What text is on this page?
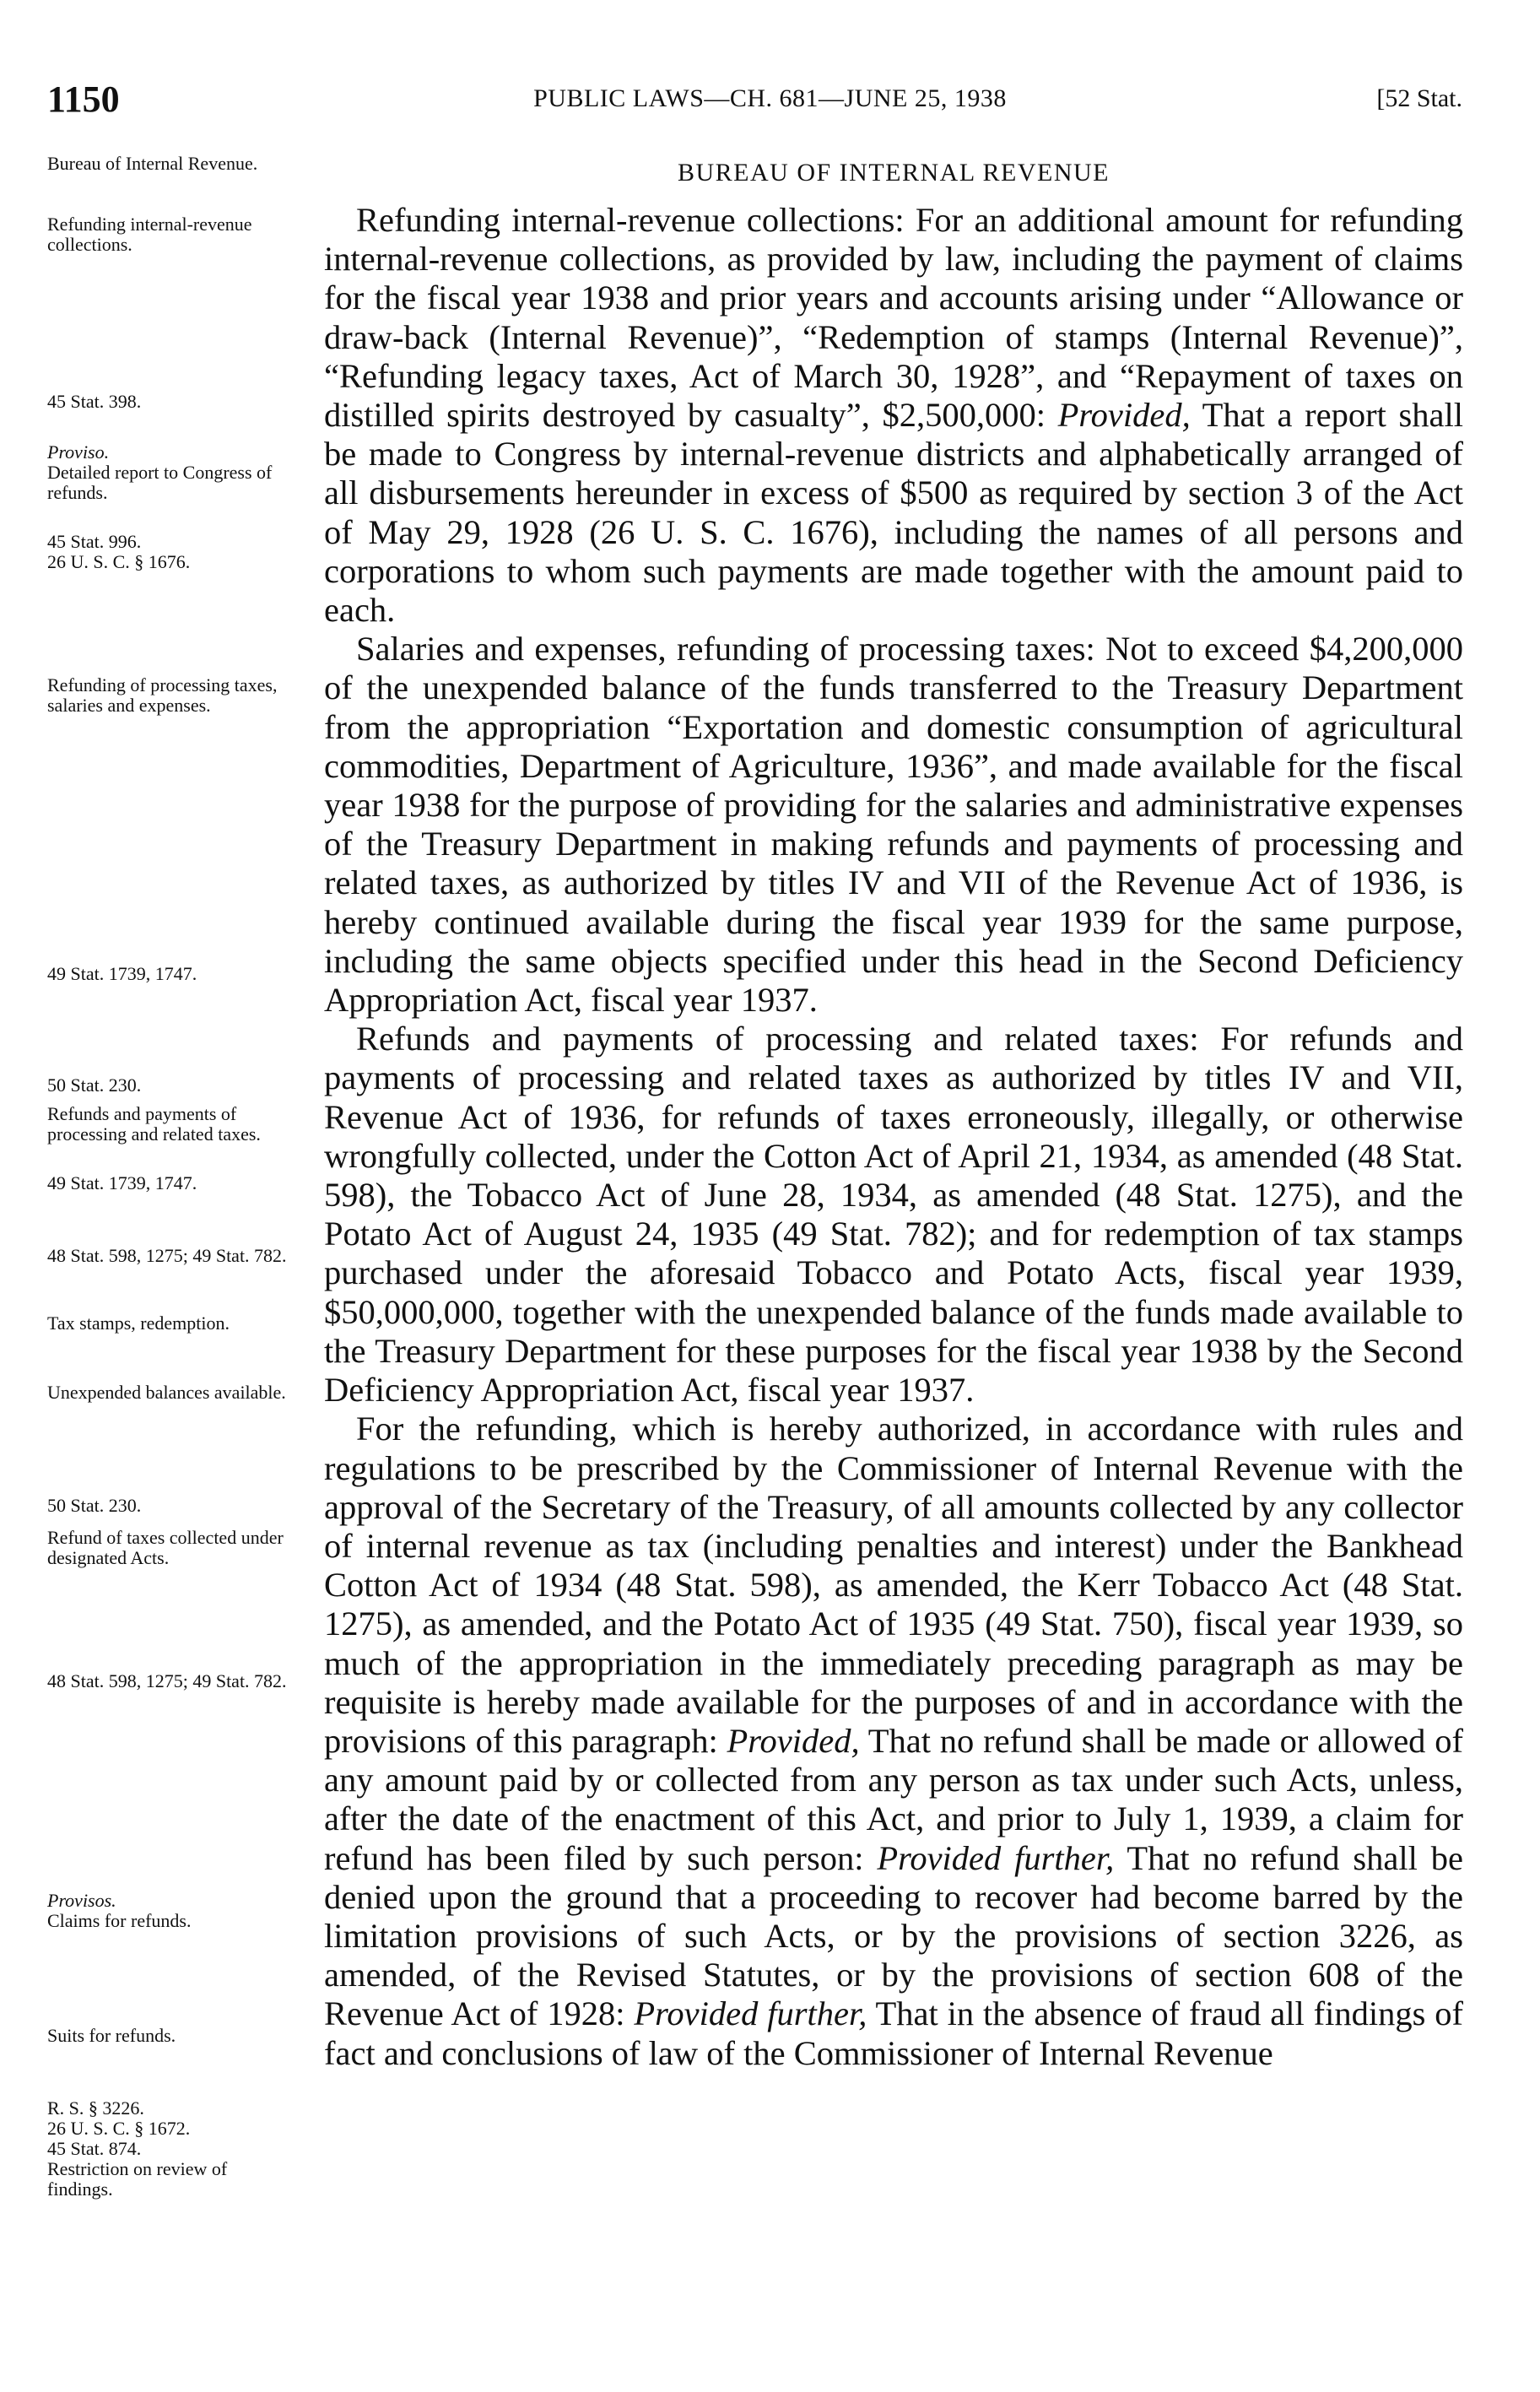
1150	PUBLIC LAWS—CH. 681—JUNE 25, 1938	[52 Stat.
Bureau of Internal Revenue.
Refunding internal-revenue collections.
45 Stat. 398.
Proviso.
Detailed report to Congress of refunds.
45 Stat. 996.
26 U. S. C. § 1676.
Refunding of processing taxes, salaries and expenses.
49 Stat. 1739, 1747.
50 Stat. 230.
Refunds and payments of processing and related taxes.
49 Stat. 1739, 1747.
48 Stat. 598, 1275; 49 Stat. 782.
Tax stamps, redemption.
Unexpended balances available.
50 Stat. 230.
Refund of taxes collected under designated Acts.
48 Stat. 598, 1275; 49 Stat. 782.
Provisos.
Claims for refunds.
Suits for refunds.
R. S. § 3226.
26 U. S. C. § 1672.
45 Stat. 874.
Restriction on review of findings.
BUREAU OF INTERNAL REVENUE

Refunding internal-revenue collections: For an additional amount for refunding internal-revenue collections, as provided by law, including the payment of claims for the fiscal year 1938 and prior years and accounts arising under “Allowance or draw-back (Internal Revenue)”, “Redemption of stamps (Internal Revenue)”, “Refunding legacy taxes, Act of March 30, 1928”, and “Repayment of taxes on distilled spirits destroyed by casualty”, $2,500,000: Provided, That a report shall be made to Congress by internal-revenue districts and alphabetically arranged of all disbursements hereunder in excess of $500 as required by section 3 of the Act of May 29, 1928 (26 U. S. C. 1676), including the names of all persons and corporations to whom such payments are made together with the amount paid to each.

Salaries and expenses, refunding of processing taxes: Not to exceed $4,200,000 of the unexpended balance of the funds transferred to the Treasury Department from the appropriation “Exportation and domestic consumption of agricultural commodities, Department of Agriculture, 1936”, and made available for the fiscal year 1938 for the purpose of providing for the salaries and administrative expenses of the Treasury Department in making refunds and payments of processing and related taxes, as authorized by titles IV and VII of the Revenue Act of 1936, is hereby continued available during the fiscal year 1939 for the same purpose, including the same objects specified under this head in the Second Deficiency Appropriation Act, fiscal year 1937.

Refunds and payments of processing and related taxes: For refunds and payments of processing and related taxes as authorized by titles IV and VII, Revenue Act of 1936, for refunds of taxes erroneously, illegally, or otherwise wrongfully collected, under the Cotton Act of April 21, 1934, as amended (48 Stat. 598), the Tobacco Act of June 28, 1934, as amended (48 Stat. 1275), and the Potato Act of August 24, 1935 (49 Stat. 782); and for redemption of tax stamps purchased under the aforesaid Tobacco and Potato Acts, fiscal year 1939, $50,000,000, together with the unexpended balance of the funds made available to the Treasury Department for these purposes for the fiscal year 1938 by the Second Deficiency Appropriation Act, fiscal year 1937.

For the refunding, which is hereby authorized, in accordance with rules and regulations to be prescribed by the Commissioner of Internal Revenue with the approval of the Secretary of the Treasury, of all amounts collected by any collector of internal revenue as tax (including penalties and interest) under the Bankhead Cotton Act of 1934 (48 Stat. 598), as amended, the Kerr Tobacco Act (48 Stat. 1275), as amended, and the Potato Act of 1935 (49 Stat. 750), fiscal year 1939, so much of the appropriation in the immediately preceding paragraph as may be requisite is hereby made available for the purposes of and in accordance with the provisions of this paragraph: Provided, That no refund shall be made or allowed of any amount paid by or collected from any person as tax under such Acts, unless, after the date of the enactment of this Act, and prior to July 1, 1939, a claim for refund has been filed by such person: Provided further, That no refund shall be denied upon the ground that a proceeding to recover had become barred by the limitation provisions of such Acts, or by the provisions of section 3226, as amended, of the Revised Statutes, or by the provisions of section 608 of the Revenue Act of 1928: Provided further, That in the absence of fraud all findings of fact and conclusions of law of the Commissioner of Internal Revenue
